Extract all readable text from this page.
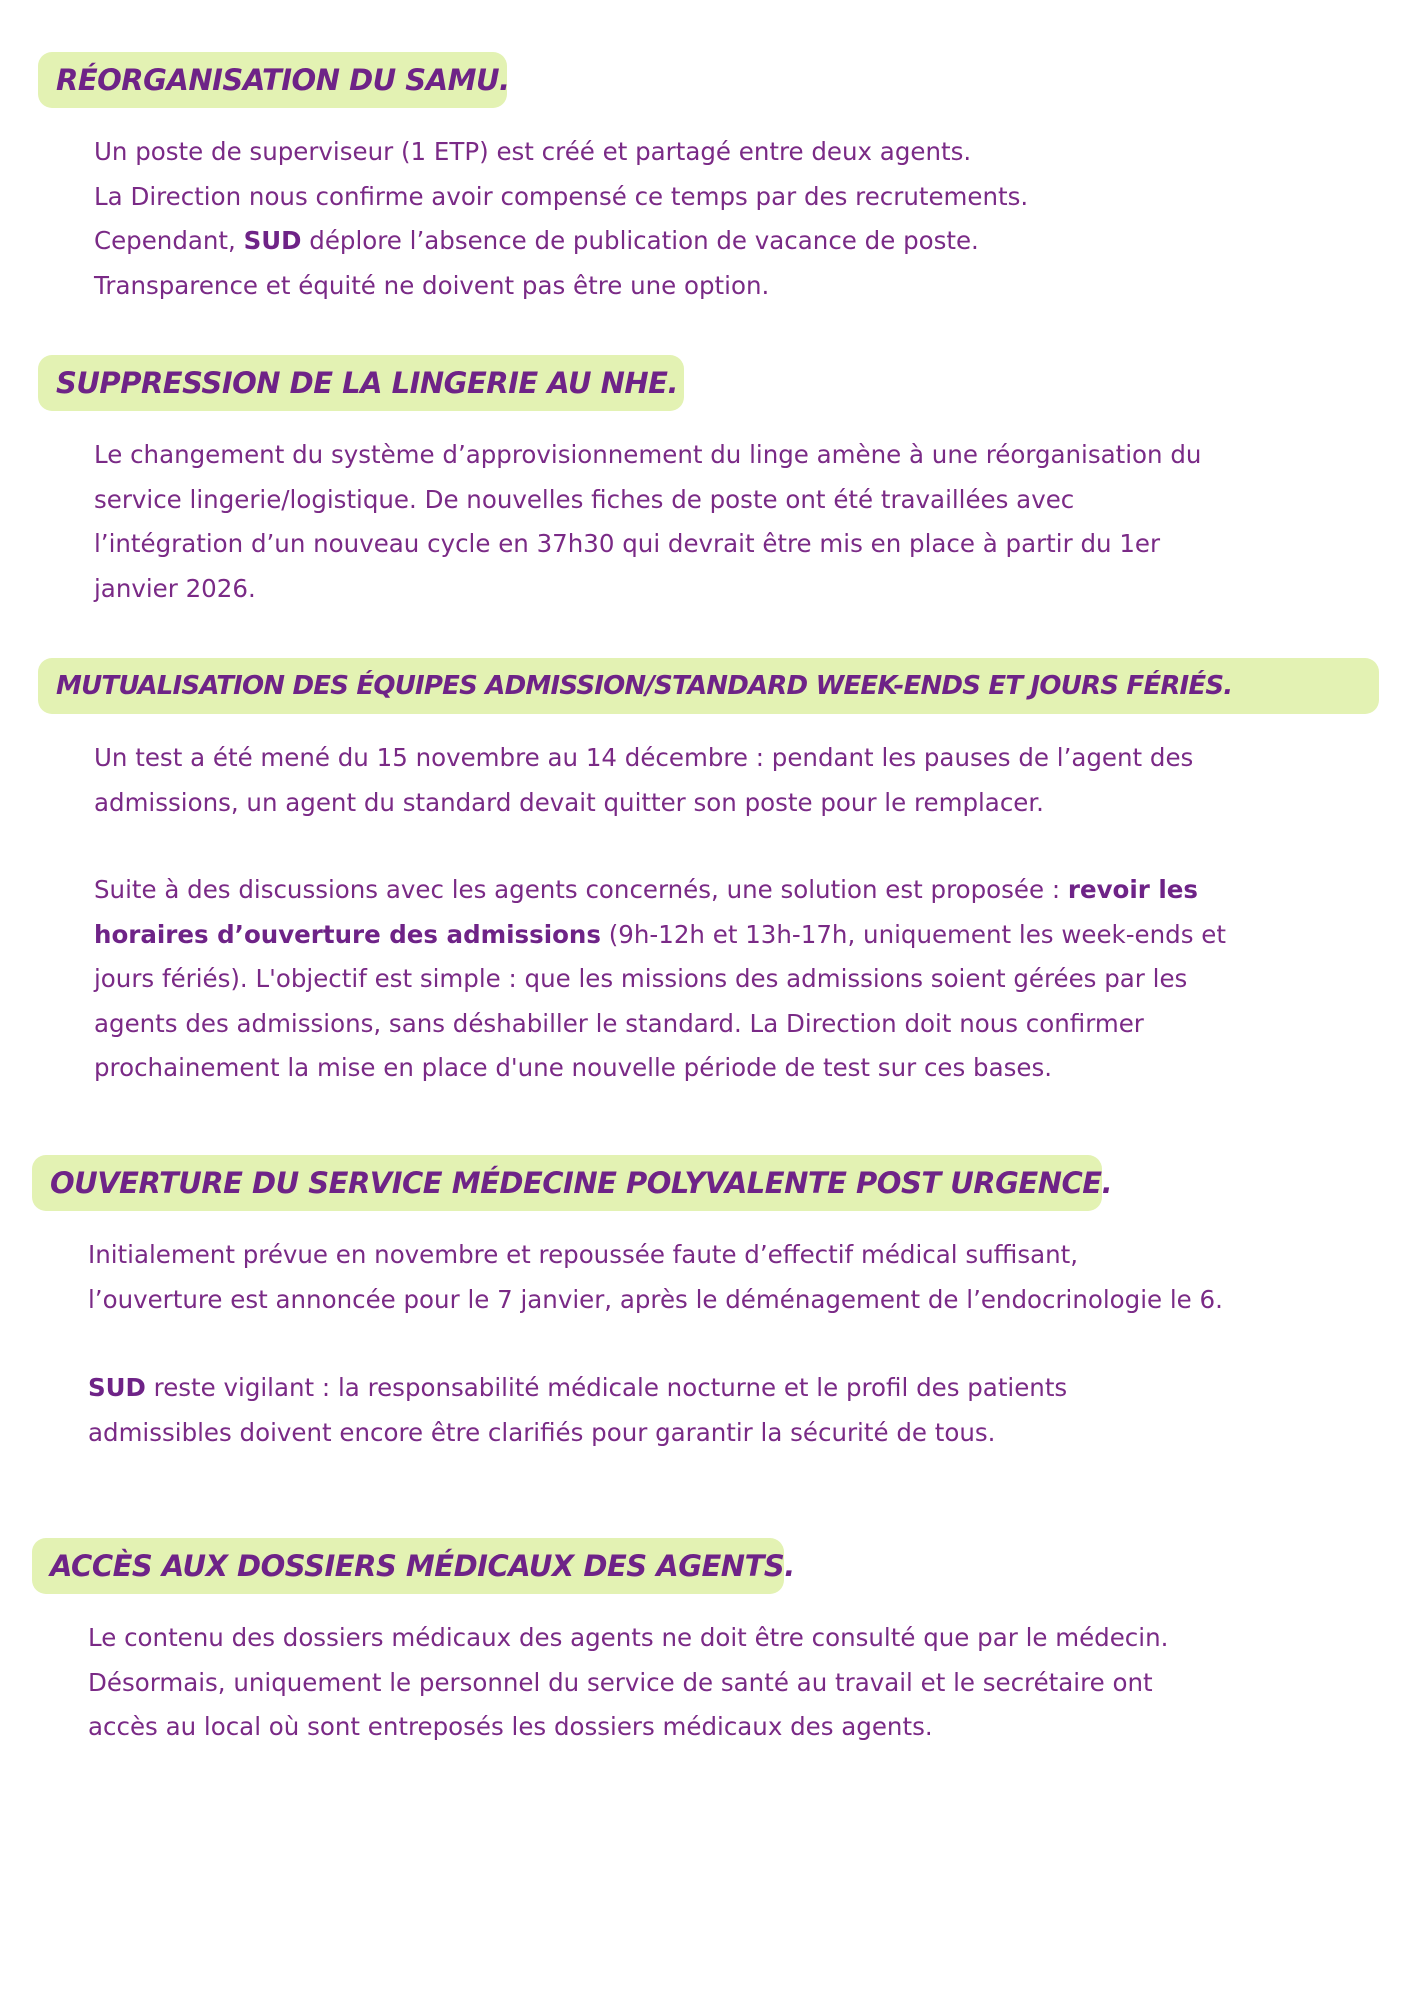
RÉORGANISATION DU SAMU.
Un poste de superviseur (1 ETP) est créé et partagé entre deux agents.
La Direction nous confirme avoir compensé ce temps par des recrutements.
Cependant, SUD déplore l’absence de publication de vacance de poste.
Transparence et équité ne doivent pas être une option.
SUPPRESSION DE LA LINGERIE AU NHE.
Le changement du système d’approvisionnement du linge amène à une réorganisation du
service lingerie/logistique. De nouvelles fiches de poste ont été travaillées avec
l’intégration d’un nouveau cycle en 37h30 qui devrait être mis en place à partir du 1er
janvier 2026.
MUTUALISATION DES ÉQUIPES ADMISSION/STANDARD WEEK-ENDS ET JOURS FÉRIÉS.
Un test a été mené du 15 novembre au 14 décembre : pendant les pauses de l’agent des
admissions, un agent du standard devait quitter son poste pour le remplacer.
Suite à des discussions avec les agents concernés, une solution est proposée : revoir les
horaires d’ouverture des admissions (9h-12h et 13h-17h, uniquement les week-ends et
jours fériés). L'objectif est simple : que les missions des admissions soient gérées par les
agents des admissions, sans déshabiller le standard. La Direction doit nous confirmer
prochainement la mise en place d'une nouvelle période de test sur ces bases.
OUVERTURE DU SERVICE MÉDECINE POLYVALENTE POST URGENCE.
Initialement prévue en novembre et repoussée faute d’effectif médical suffisant,
l’ouverture est annoncée pour le 7 janvier, après le déménagement de l’endocrinologie le 6.
SUD reste vigilant : la responsabilité médicale nocturne et le profil des patients
admissibles doivent encore être clarifiés pour garantir la sécurité de tous.
ACCÈS AUX DOSSIERS MÉDICAUX DES AGENTS.
Le contenu des dossiers médicaux des agents ne doit être consulté que par le médecin.
Désormais, uniquement le personnel du service de santé au travail et le secrétaire ont
accès au local où sont entreposés les dossiers médicaux des agents.
